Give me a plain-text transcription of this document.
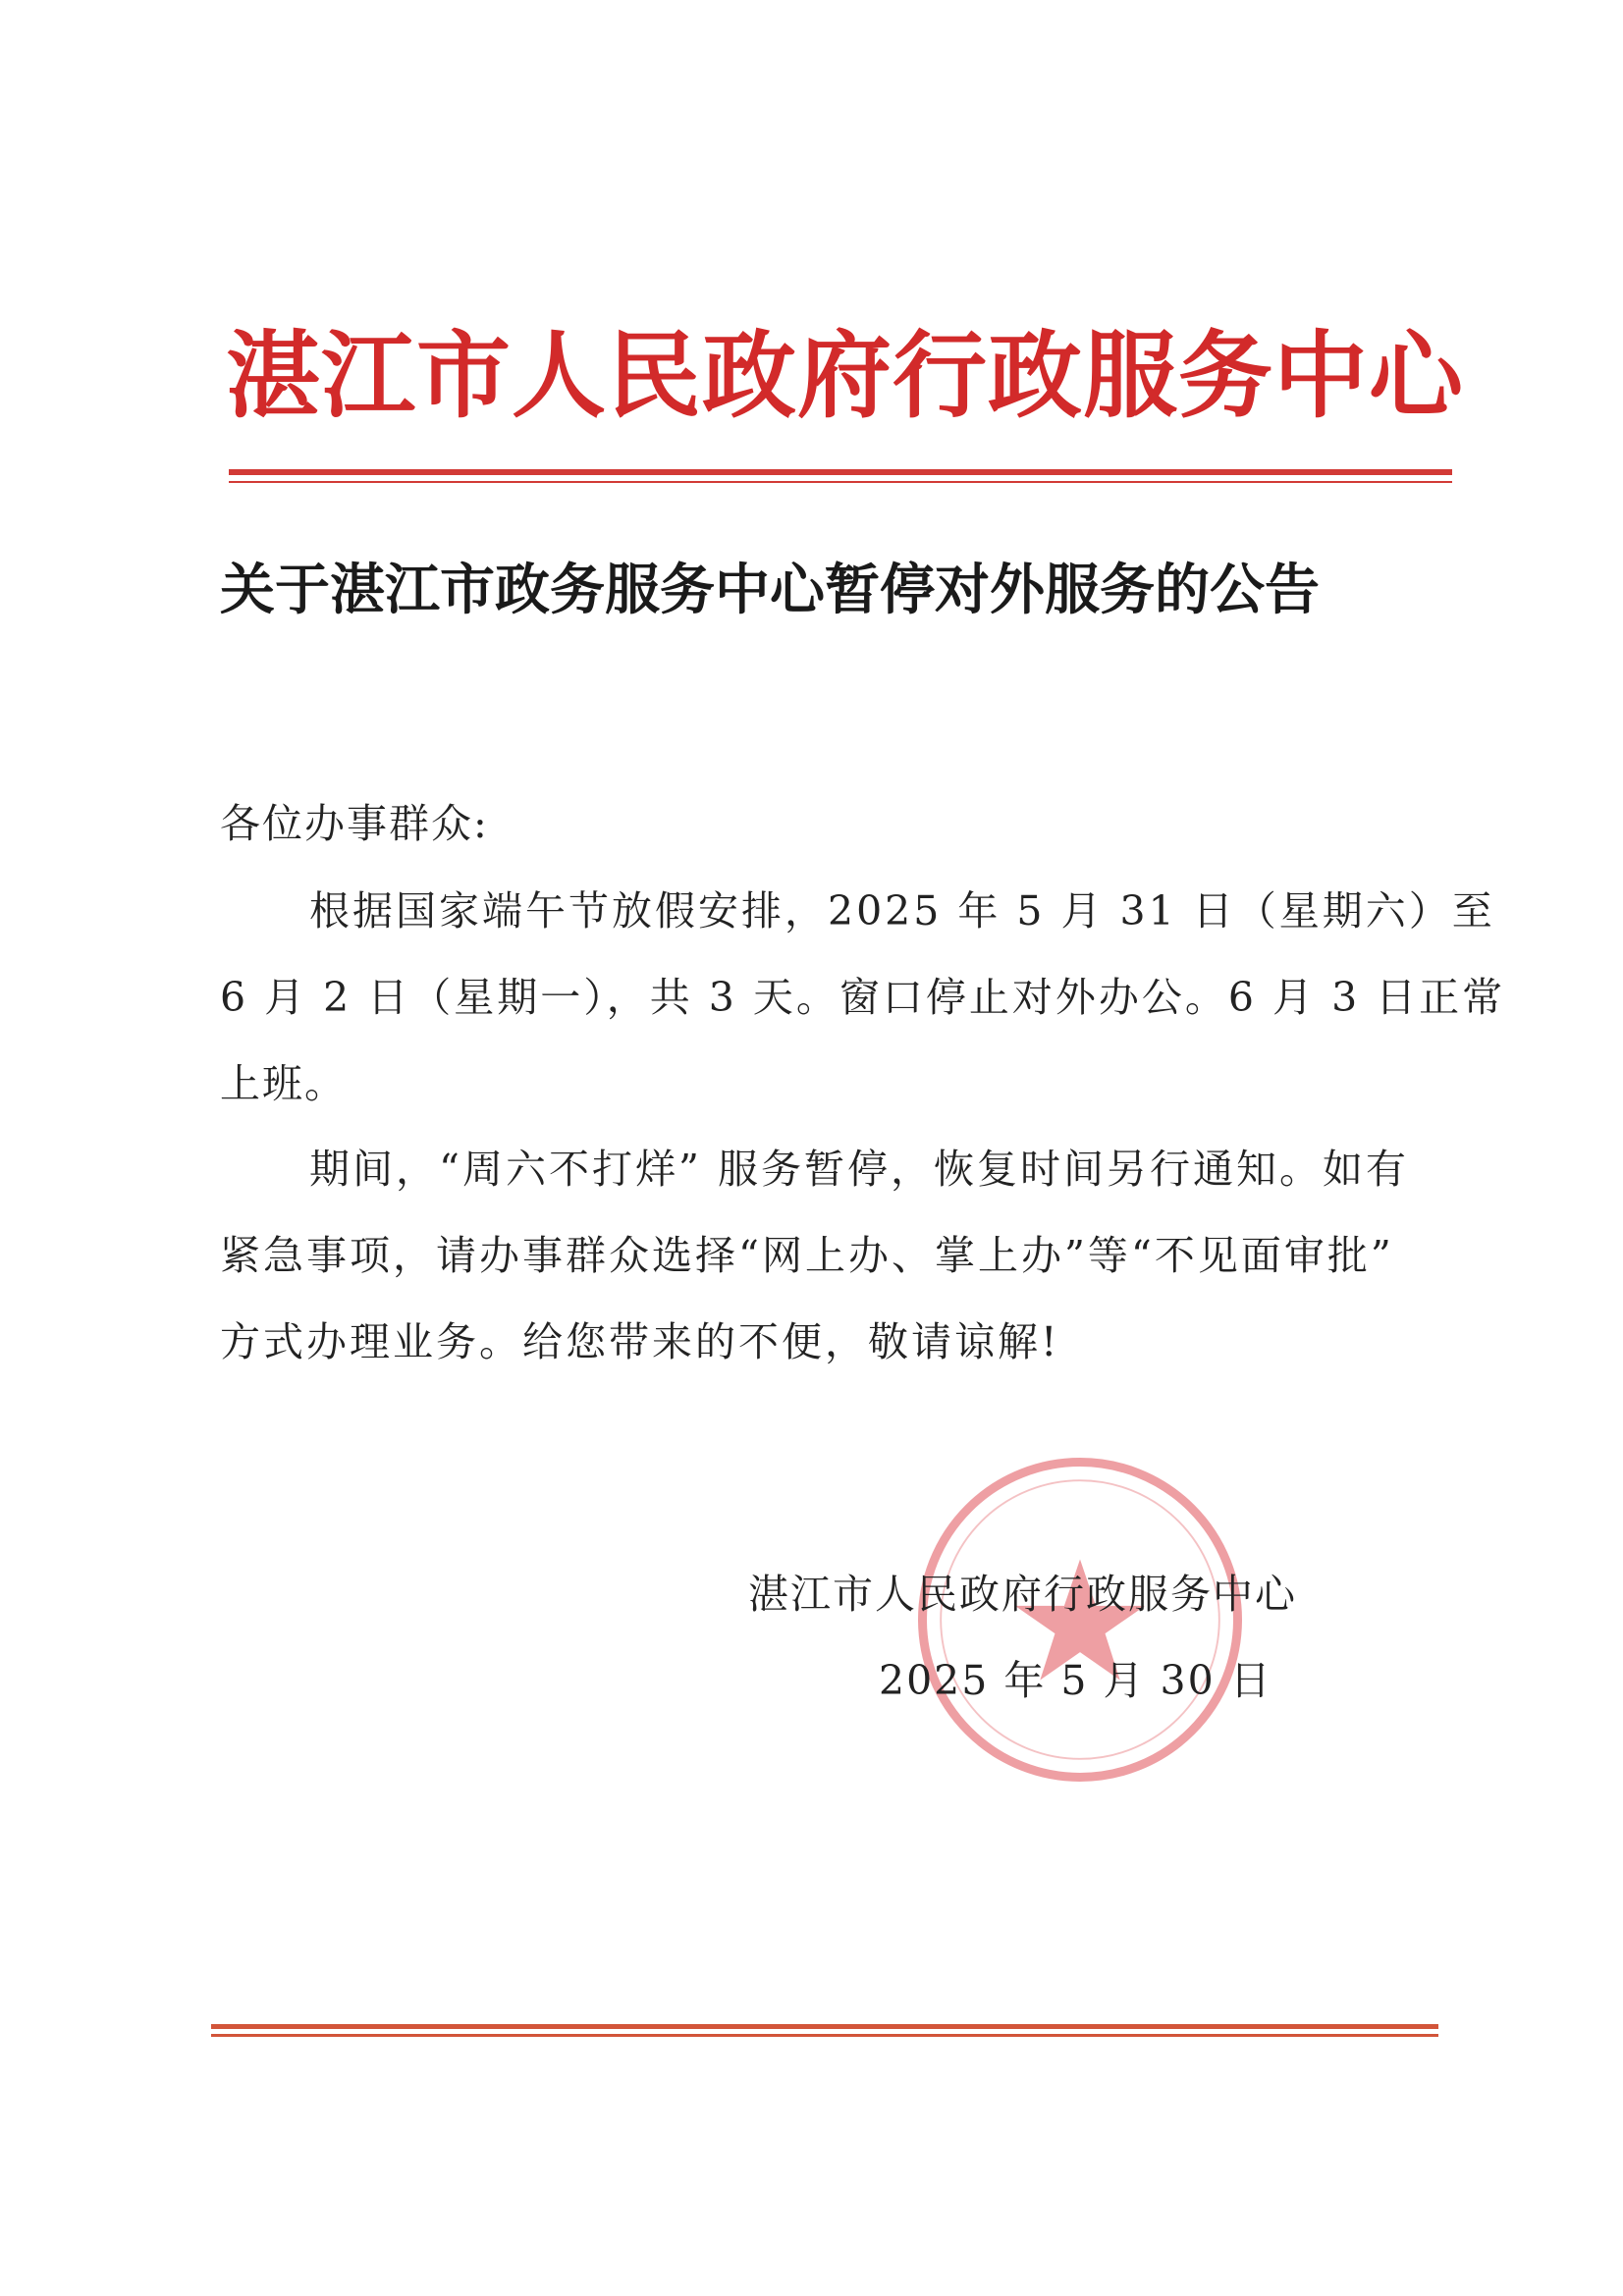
湛江市人民政府行政服务中心
关于湛江市政务服务中心暂停对外服务的公告
各位办事群众:
根据国家端午节放假安排，2025 年 5 月 31 日（星期六）至
6 月 2 日（星期一），共 3 天。窗口停止对外办公。6 月 3 日正常
上班。
期间，“周六不打烊” 服务暂停，恢复时间另行通知。如有
紧急事项，请办事群众选择“网上办、掌上办”等“不见面审批”
方式办理业务。给您带来的不便，敬请谅解!
湛江市人民政府行政服务中心
2025 年 5 月 30 日
